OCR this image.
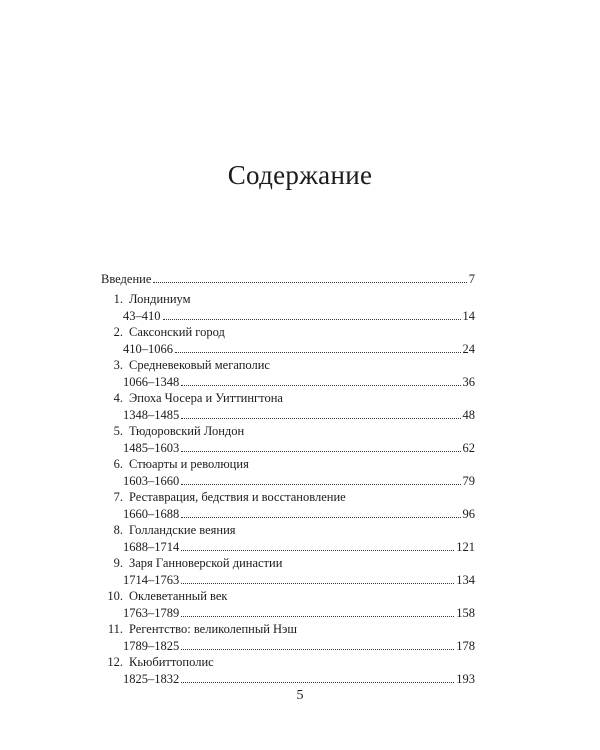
Содержание
Введение	7
1. Лондиниум
43–410	14
2. Саксонский город
410–1066	24
3. Средневековый мегаполис
1066–1348	36
4. Эпоха Чосера и Уиттингтона
1348–1485	48
5. Тюдоровский Лондон
1485–1603	62
6. Стюарты и революция
1603–1660	79
7. Реставрация, бедствия и восстановление
1660–1688	96
8. Голландские веяния
1688–1714	121
9. Заря Ганноверской династии
1714–1763	134
10. Оклеветанный век
1763–1789	158
11. Регентство: великолепный Нэш
1789–1825	178
12. Кьюбиттополис
1825–1832	193
5
